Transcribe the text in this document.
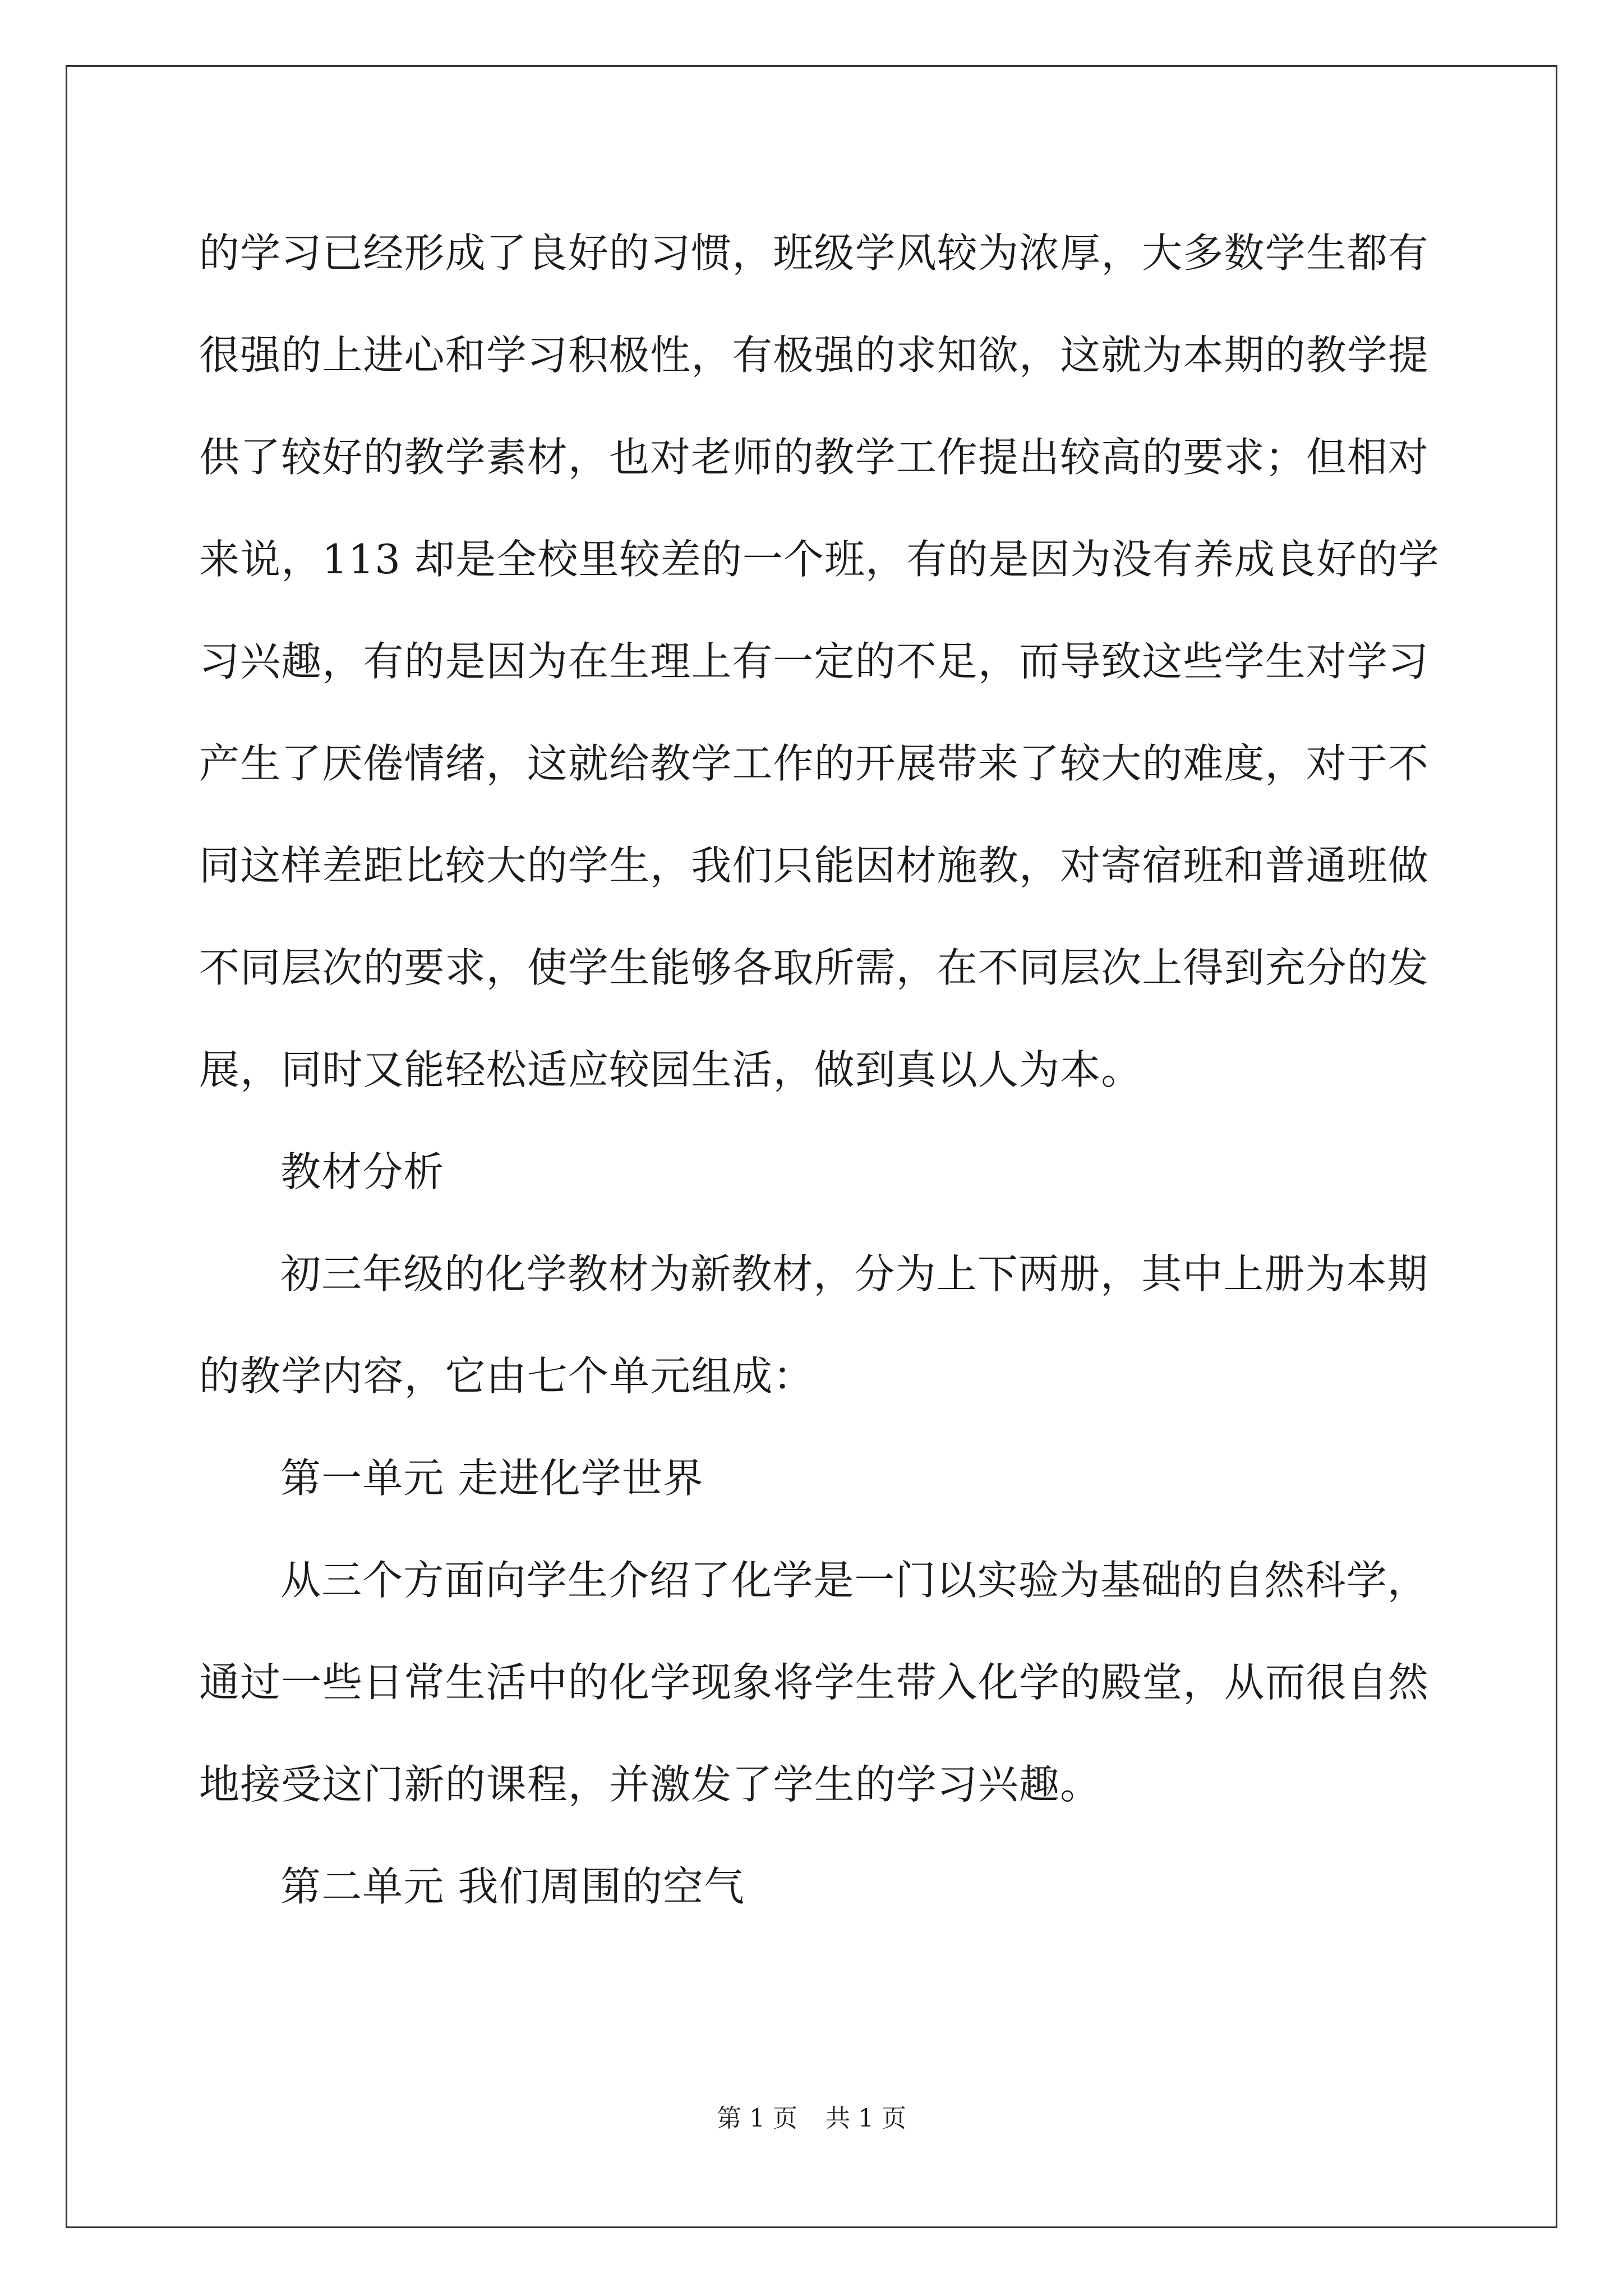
的学习已经形成了良好的习惯，班级学风较为浓厚，大多数学生都有
很强的上进心和学习积极性，有极强的求知欲，这就为本期的教学提
供了较好的教学素材，也对老师的教学工作提出较高的要求；但相对
来说，113 却是全校里较差的一个班，有的是因为没有养成良好的学
习兴趣，有的是因为在生理上有一定的不足，而导致这些学生对学习
产生了厌倦情绪，这就给教学工作的开展带来了较大的难度，对于不
同这样差距比较大的学生，我们只能因材施教，对寄宿班和普通班做
不同层次的要求，使学生能够各取所需，在不同层次上得到充分的发
展，同时又能轻松适应较园生活，做到真以人为本。
教材分析
初三年级的化学教材为新教材，分为上下两册，其中上册为本期
的教学内容，它由七个单元组成：
第一单元 走进化学世界
从三个方面向学生介绍了化学是一门以实验为基础的自然科学，
通过一些日常生活中的化学现象将学生带入化学的殿堂，从而很自然
地接受这门新的课程，并激发了学生的学习兴趣。
第二单元 我们周围的空气

第 1 页 共 1 页
